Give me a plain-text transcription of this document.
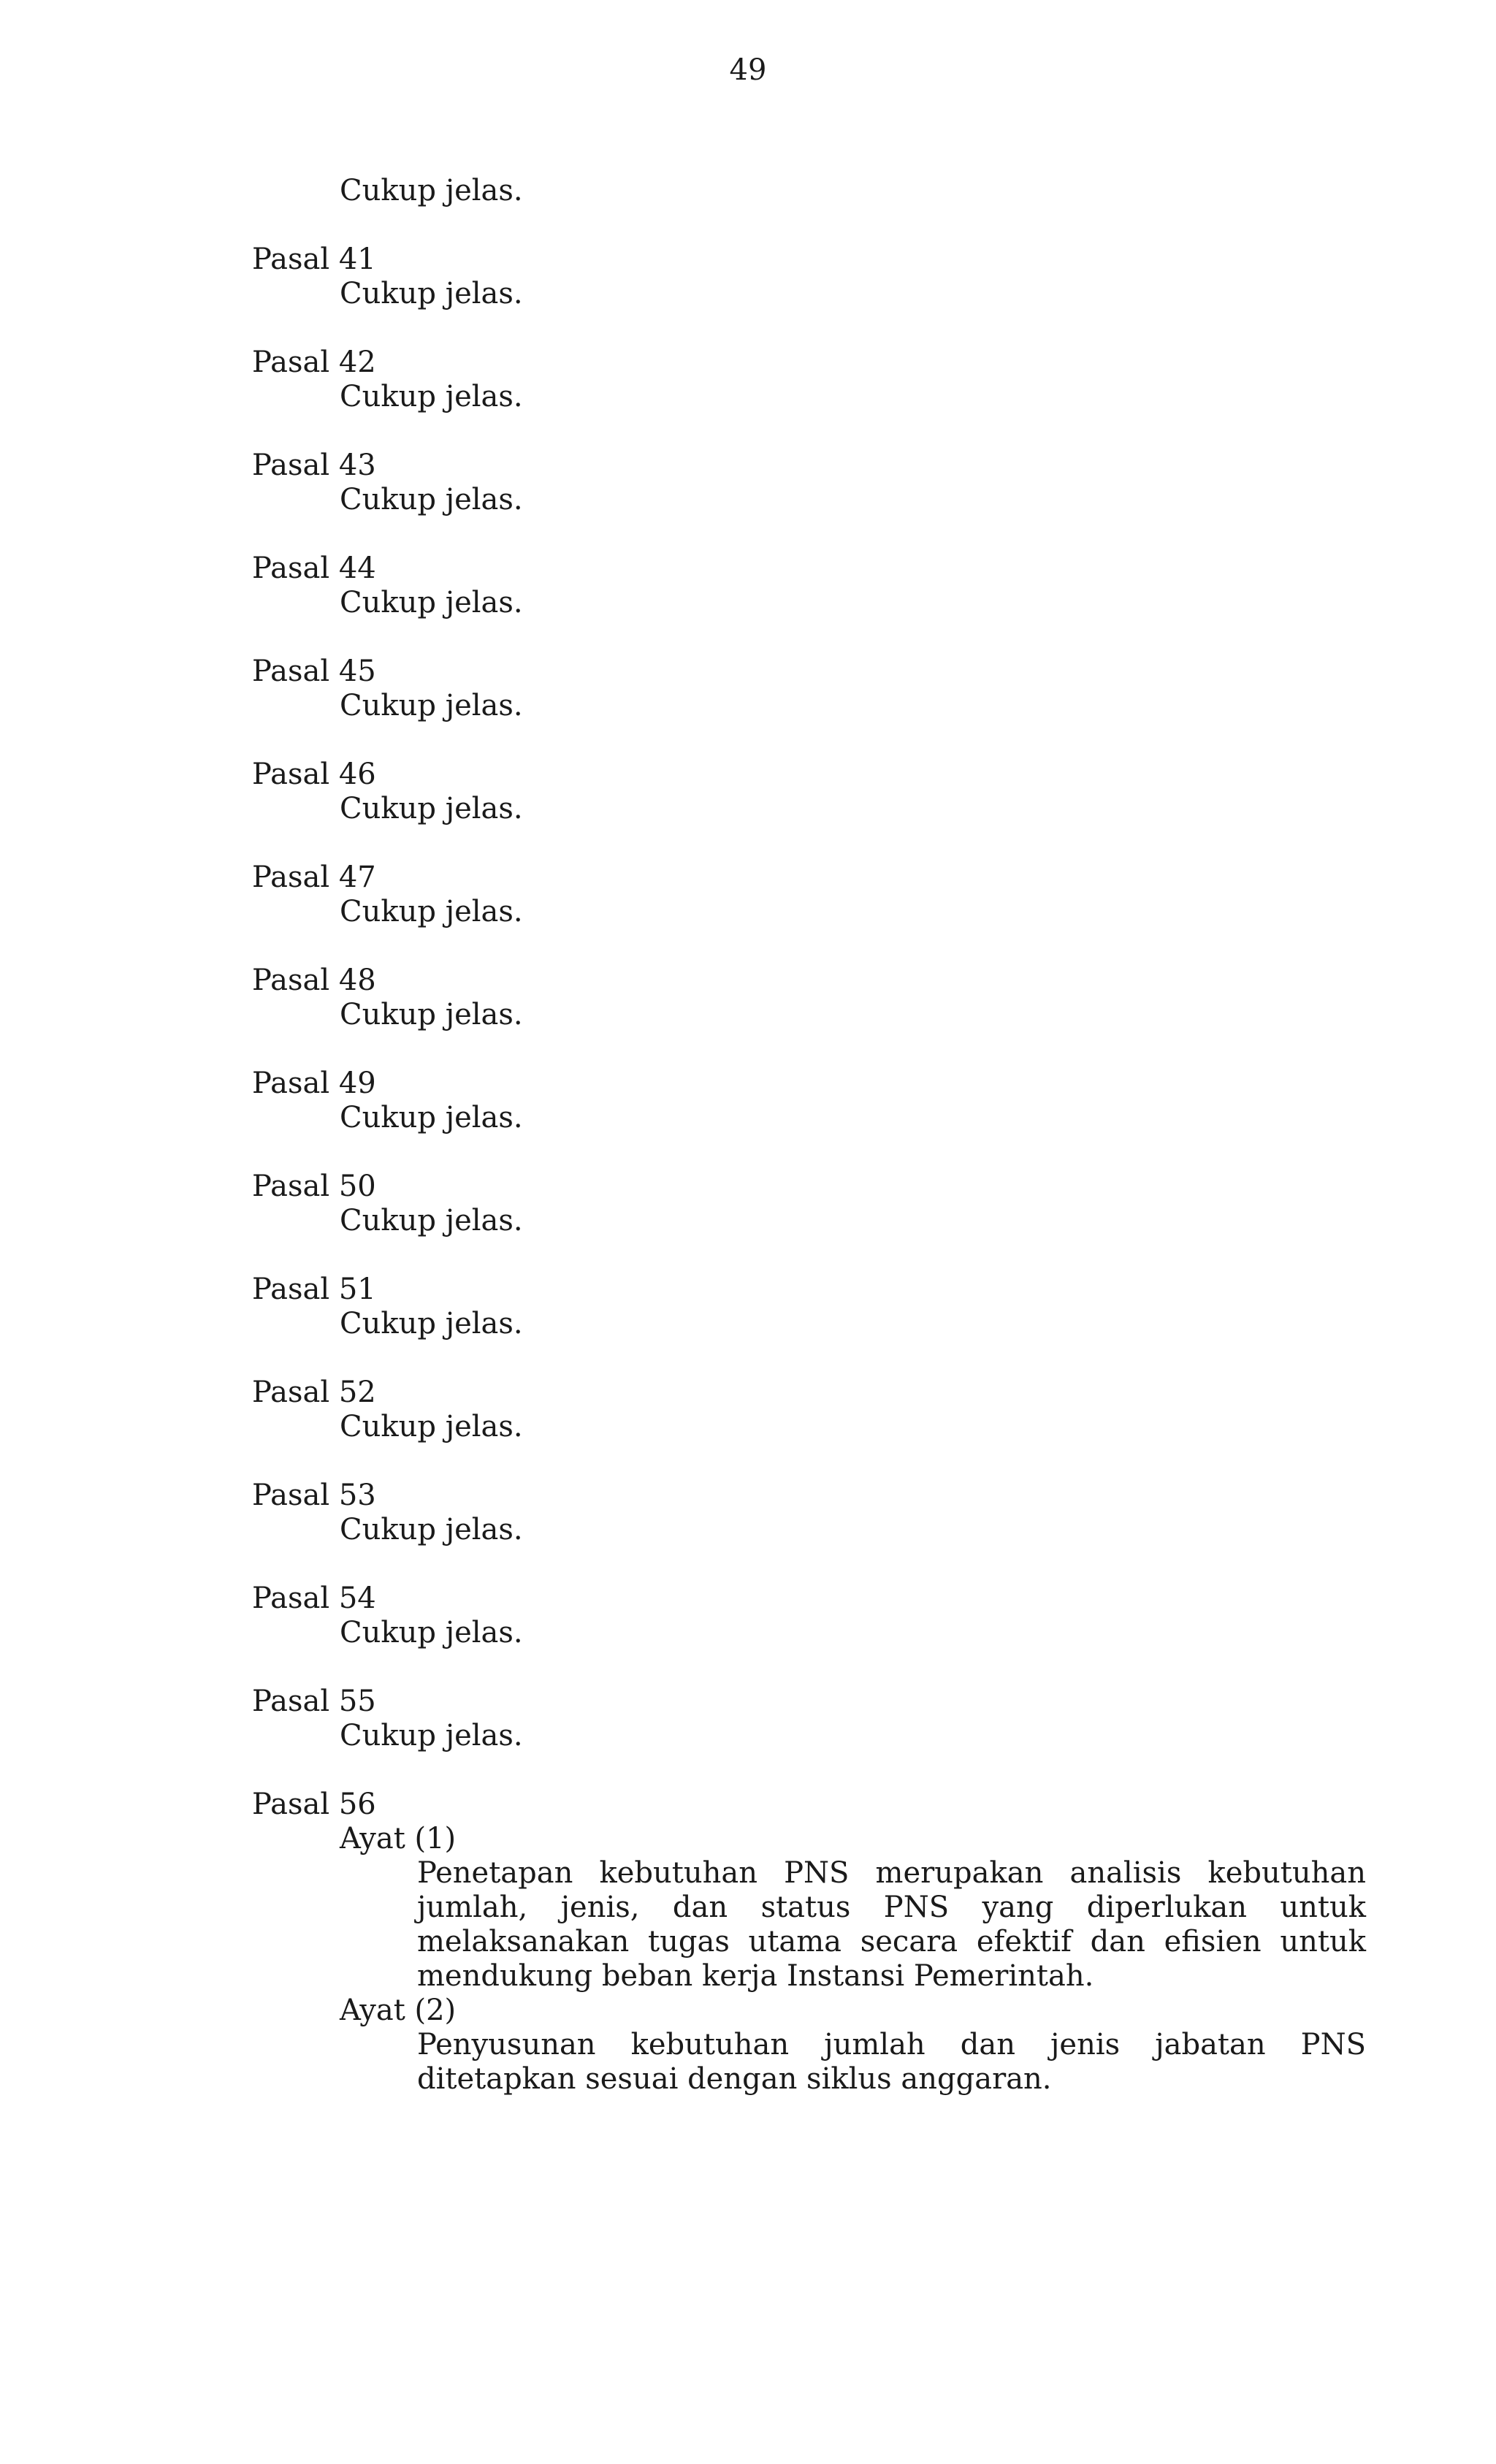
49
Cukup jelas.
Pasal 41
Cukup jelas.
Pasal 42
Cukup jelas.
Pasal 43
Cukup jelas.
Pasal 44
Cukup jelas.
Pasal 45
Cukup jelas.
Pasal 46
Cukup jelas.
Pasal 47
Cukup jelas.
Pasal 48
Cukup jelas.
Pasal 49
Cukup jelas.
Pasal 50
Cukup jelas.
Pasal 51
Cukup jelas.
Pasal 52
Cukup jelas.
Pasal 53
Cukup jelas.
Pasal 54
Cukup jelas.
Pasal 55
Cukup jelas.
Pasal 56
Ayat (1)
Penetapan kebutuhan PNS merupakan analisis kebutuhan jumlah, jenis, dan status PNS yang diperlukan untuk melaksanakan tugas utama secara efektif dan efisien untuk mendukung beban kerja Instansi Pemerintah.
Ayat (2)
Penyusunan kebutuhan jumlah dan jenis jabatan PNS ditetapkan sesuai dengan siklus anggaran.
